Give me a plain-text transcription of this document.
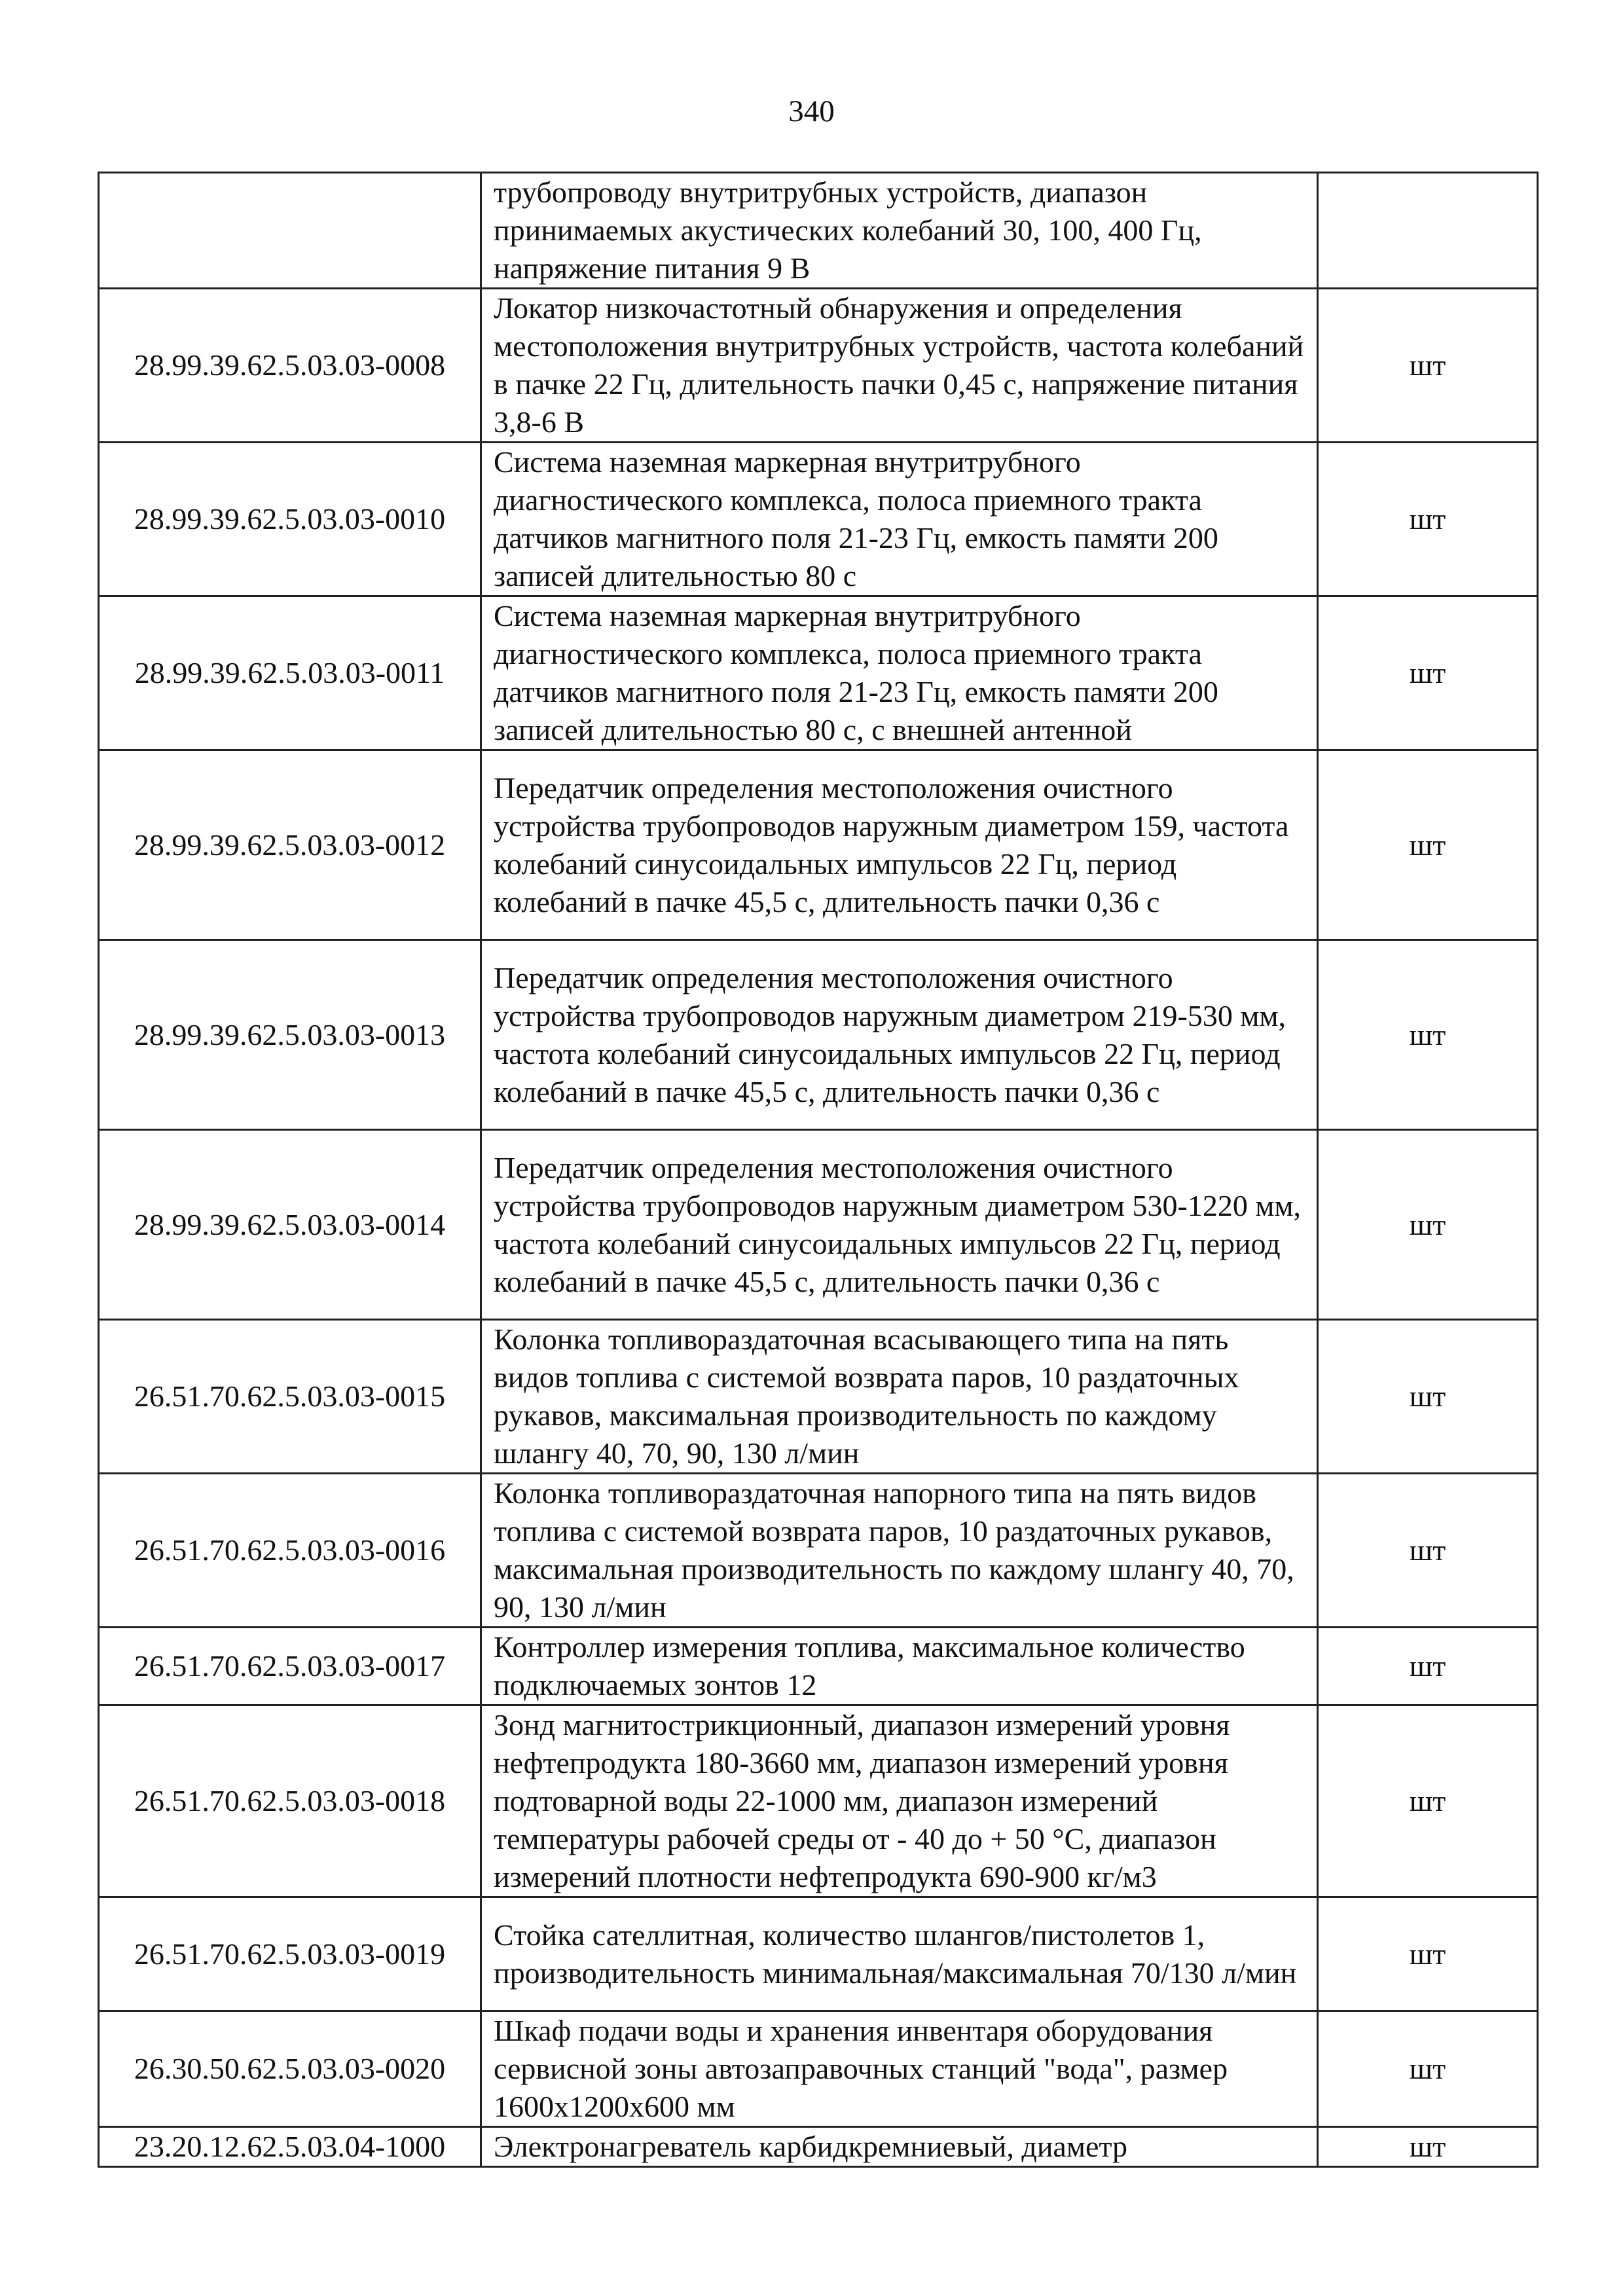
340
	трубопроводу внутритрубных устройств, диапазон принимаемых акустических колебаний 30, 100, 400 Гц, напряжение питания 9 В	
28.99.39.62.5.03.03-0008	Локатор низкочастотный обнаружения и определения местоположения внутритрубных устройств, частота колебаний в пачке 22 Гц, длительность пачки 0,45 с, напряжение питания 3,8-6 В	шт
28.99.39.62.5.03.03-0010	Система наземная маркерная внутритрубного диагностического комплекса, полоса приемного тракта датчиков магнитного поля 21-23 Гц, емкость памяти 200 записей длительностью 80 с	шт
28.99.39.62.5.03.03-0011	Система наземная маркерная внутритрубного диагностического комплекса, полоса приемного тракта датчиков магнитного поля 21-23 Гц, емкость памяти 200 записей длительностью 80 с, с внешней антенной	шт
28.99.39.62.5.03.03-0012	Передатчик определения местоположения очистного устройства трубопроводов наружным диаметром 159, частота колебаний синусоидальных импульсов 22 Гц, период колебаний в пачке 45,5 с, длительность пачки 0,36 с	шт
28.99.39.62.5.03.03-0013	Передатчик определения местоположения очистного устройства трубопроводов наружным диаметром 219-530 мм, частота колебаний синусоидальных импульсов 22 Гц, период колебаний в пачке 45,5 с, длительность пачки 0,36 с	шт
28.99.39.62.5.03.03-0014	Передатчик определения местоположения очистного устройства трубопроводов наружным диаметром 530-1220 мм, частота колебаний синусоидальных импульсов 22 Гц, период колебаний в пачке 45,5 с, длительность пачки 0,36 с	шт
26.51.70.62.5.03.03-0015	Колонка топливораздаточная всасывающего типа на пять видов топлива с системой возврата паров, 10 раздаточных рукавов, максимальная производительность по каждому шлангу 40, 70, 90, 130 л/мин	шт
26.51.70.62.5.03.03-0016	Колонка топливораздаточная напорного типа на пять видов топлива с системой возврата паров, 10 раздаточных рукавов, максимальная производительность по каждому шлангу 40, 70, 90, 130 л/мин	шт
26.51.70.62.5.03.03-0017	Контроллер измерения топлива, максимальное количество подключаемых зонтов 12	шт
26.51.70.62.5.03.03-0018	Зонд магнитострикционный, диапазон измерений уровня нефтепродукта 180-3660 мм, диапазон измерений уровня подтоварной воды 22-1000 мм, диапазон измерений температуры рабочей среды от - 40 до + 50 °С, диапазон измерений плотности нефтепродукта 690-900 кг/м3	шт
26.51.70.62.5.03.03-0019	Стойка сателлитная, количество шлангов/пистолетов 1, производительность минимальная/максимальная 70/130 л/мин	шт
26.30.50.62.5.03.03-0020	Шкаф подачи воды и хранения инвентаря оборудования сервисной зоны автозаправочных станций "вода", размер 1600х1200х600 мм	шт
23.20.12.62.5.03.04-1000	Электронагреватель карбидкремниевый, диаметр	шт
